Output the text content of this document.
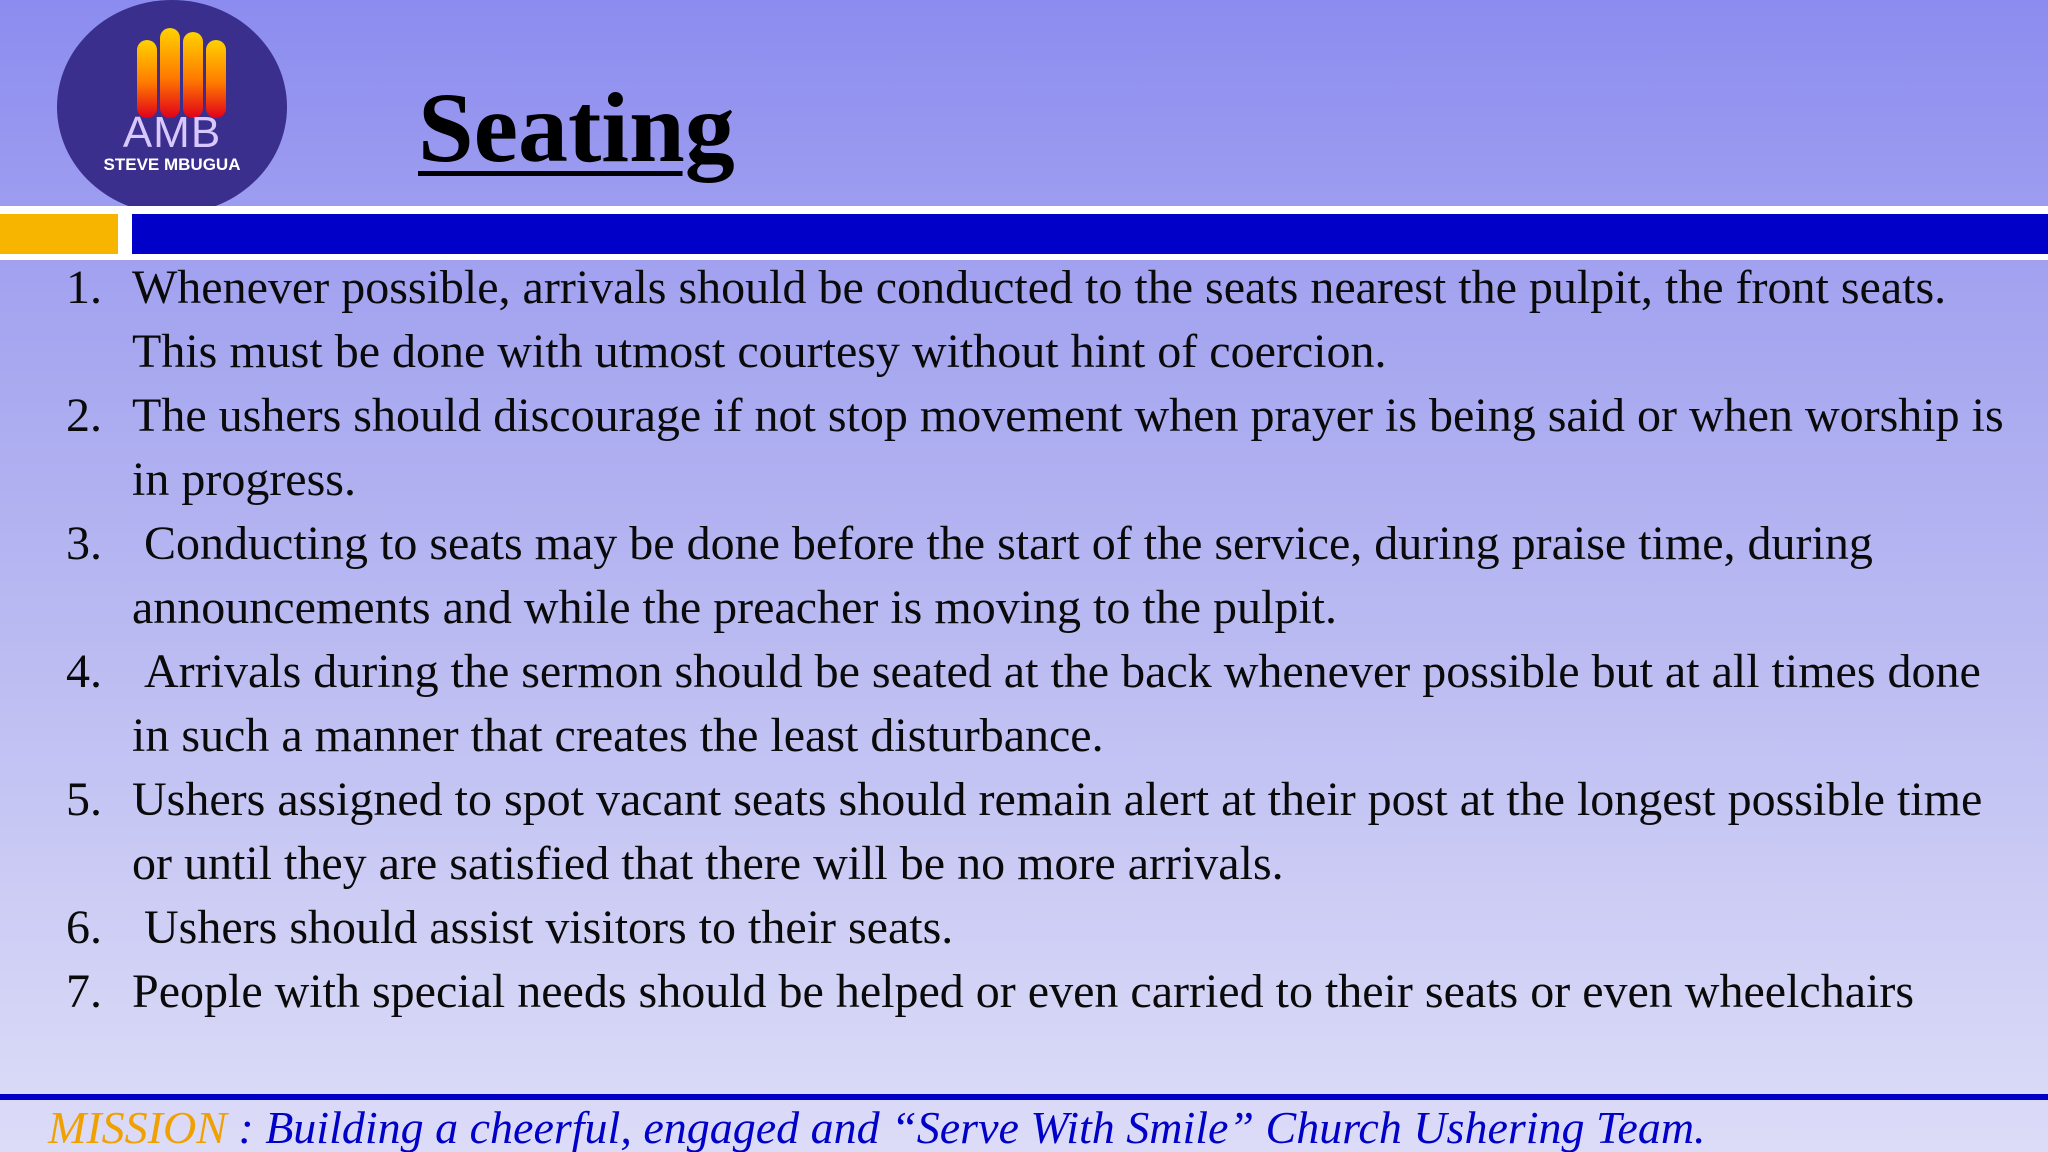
AMB
STEVE MBUGUA	Seating
1. Whenever possible, arrivals should be conducted to the seats nearest the pulpit, the front seats. This must be done with utmost courtesy without hint of coercion.
2. The ushers should discourage if not stop movement when prayer is being said or when worship is in progress.
3. Conducting to seats may be done before the start of the service, during praise time, during announcements and while the preacher is moving to the pulpit.
4. Arrivals during the sermon should be seated at the back whenever possible but at all times done in such a manner that creates the least disturbance.
5. Ushers assigned to spot vacant seats should remain alert at their post at the longest possible time or until they are satisfied that there will be no more arrivals.
6. Ushers should assist visitors to their seats.
7. People with special needs should be helped or even carried to their seats or even wheelchairs
MISSION : Building a cheerful, engaged and “Serve With Smile” Church Ushering Team.
